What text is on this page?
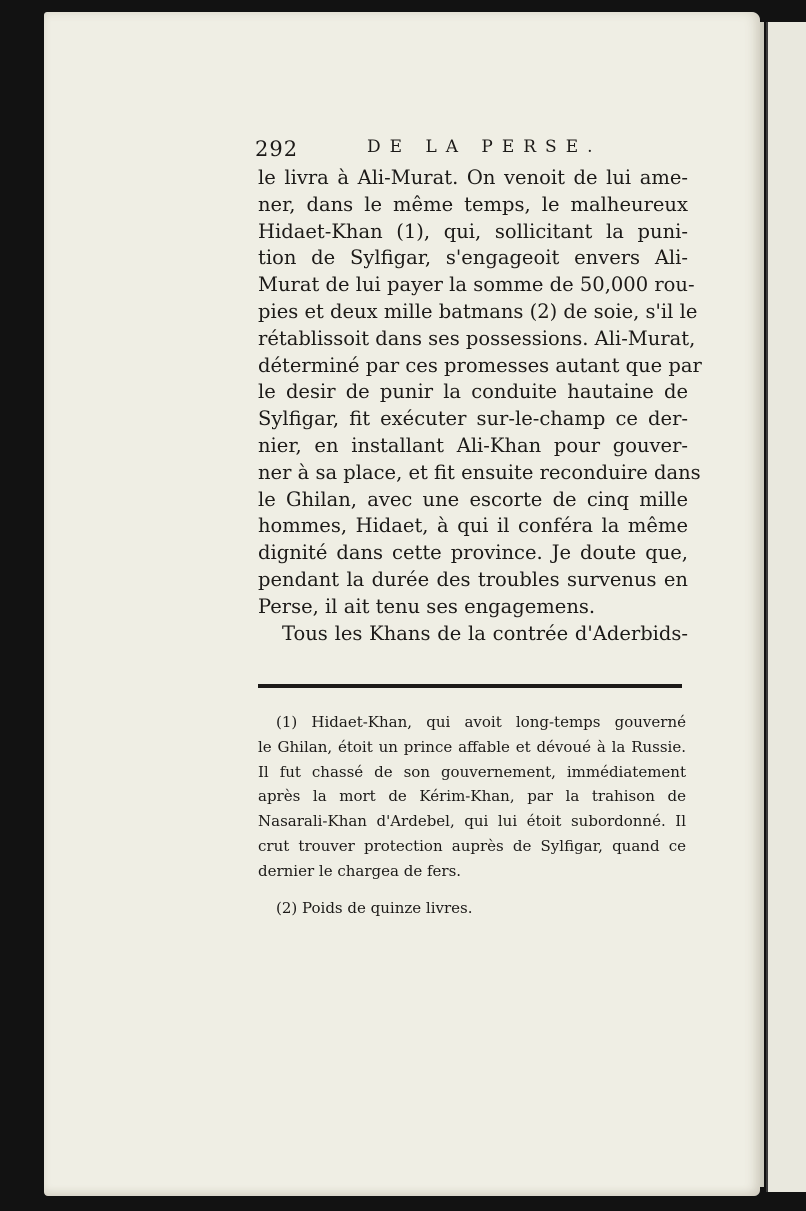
292	DE LA PERSE.
le livra à Ali-Murat. On venoit de lui ame-
ner, dans le même temps, le malheureux
Hidaet-Khan (1), qui, sollicitant la puni-
tion de Sylfigar, s'engageoit envers Ali-
Murat de lui payer la somme de 50,000 rou-
pies et deux mille batmans (2) de soie, s'il le
rétablissoit dans ses possessions. Ali-Murat,
déterminé par ces promesses autant que par
le desir de punir la conduite hautaine de
Sylfigar, fit exécuter sur-le-champ ce der-
nier, en installant Ali-Khan pour gouver-
ner à sa place, et fit ensuite reconduire dans
le Ghilan, avec une escorte de cinq mille
hommes, Hidaet, à qui il conféra la même
dignité dans cette province. Je doute que,
pendant la durée des troubles survenus en
Perse, il ait tenu ses engagemens.
Tous les Khans de la contrée d'Aderbids-
(1) Hidaet-Khan, qui avoit long-temps gouverné
le Ghilan, étoit un prince affable et dévoué à la Russie.
Il fut chassé de son gouvernement, immédiatement
après la mort de Kérim-Khan, par la trahison de
Nasarali-Khan d'Ardebel, qui lui étoit subordonné. Il
crut trouver protection auprès de Sylfigar, quand ce
dernier le chargea de fers.
(2) Poids de quinze livres.
